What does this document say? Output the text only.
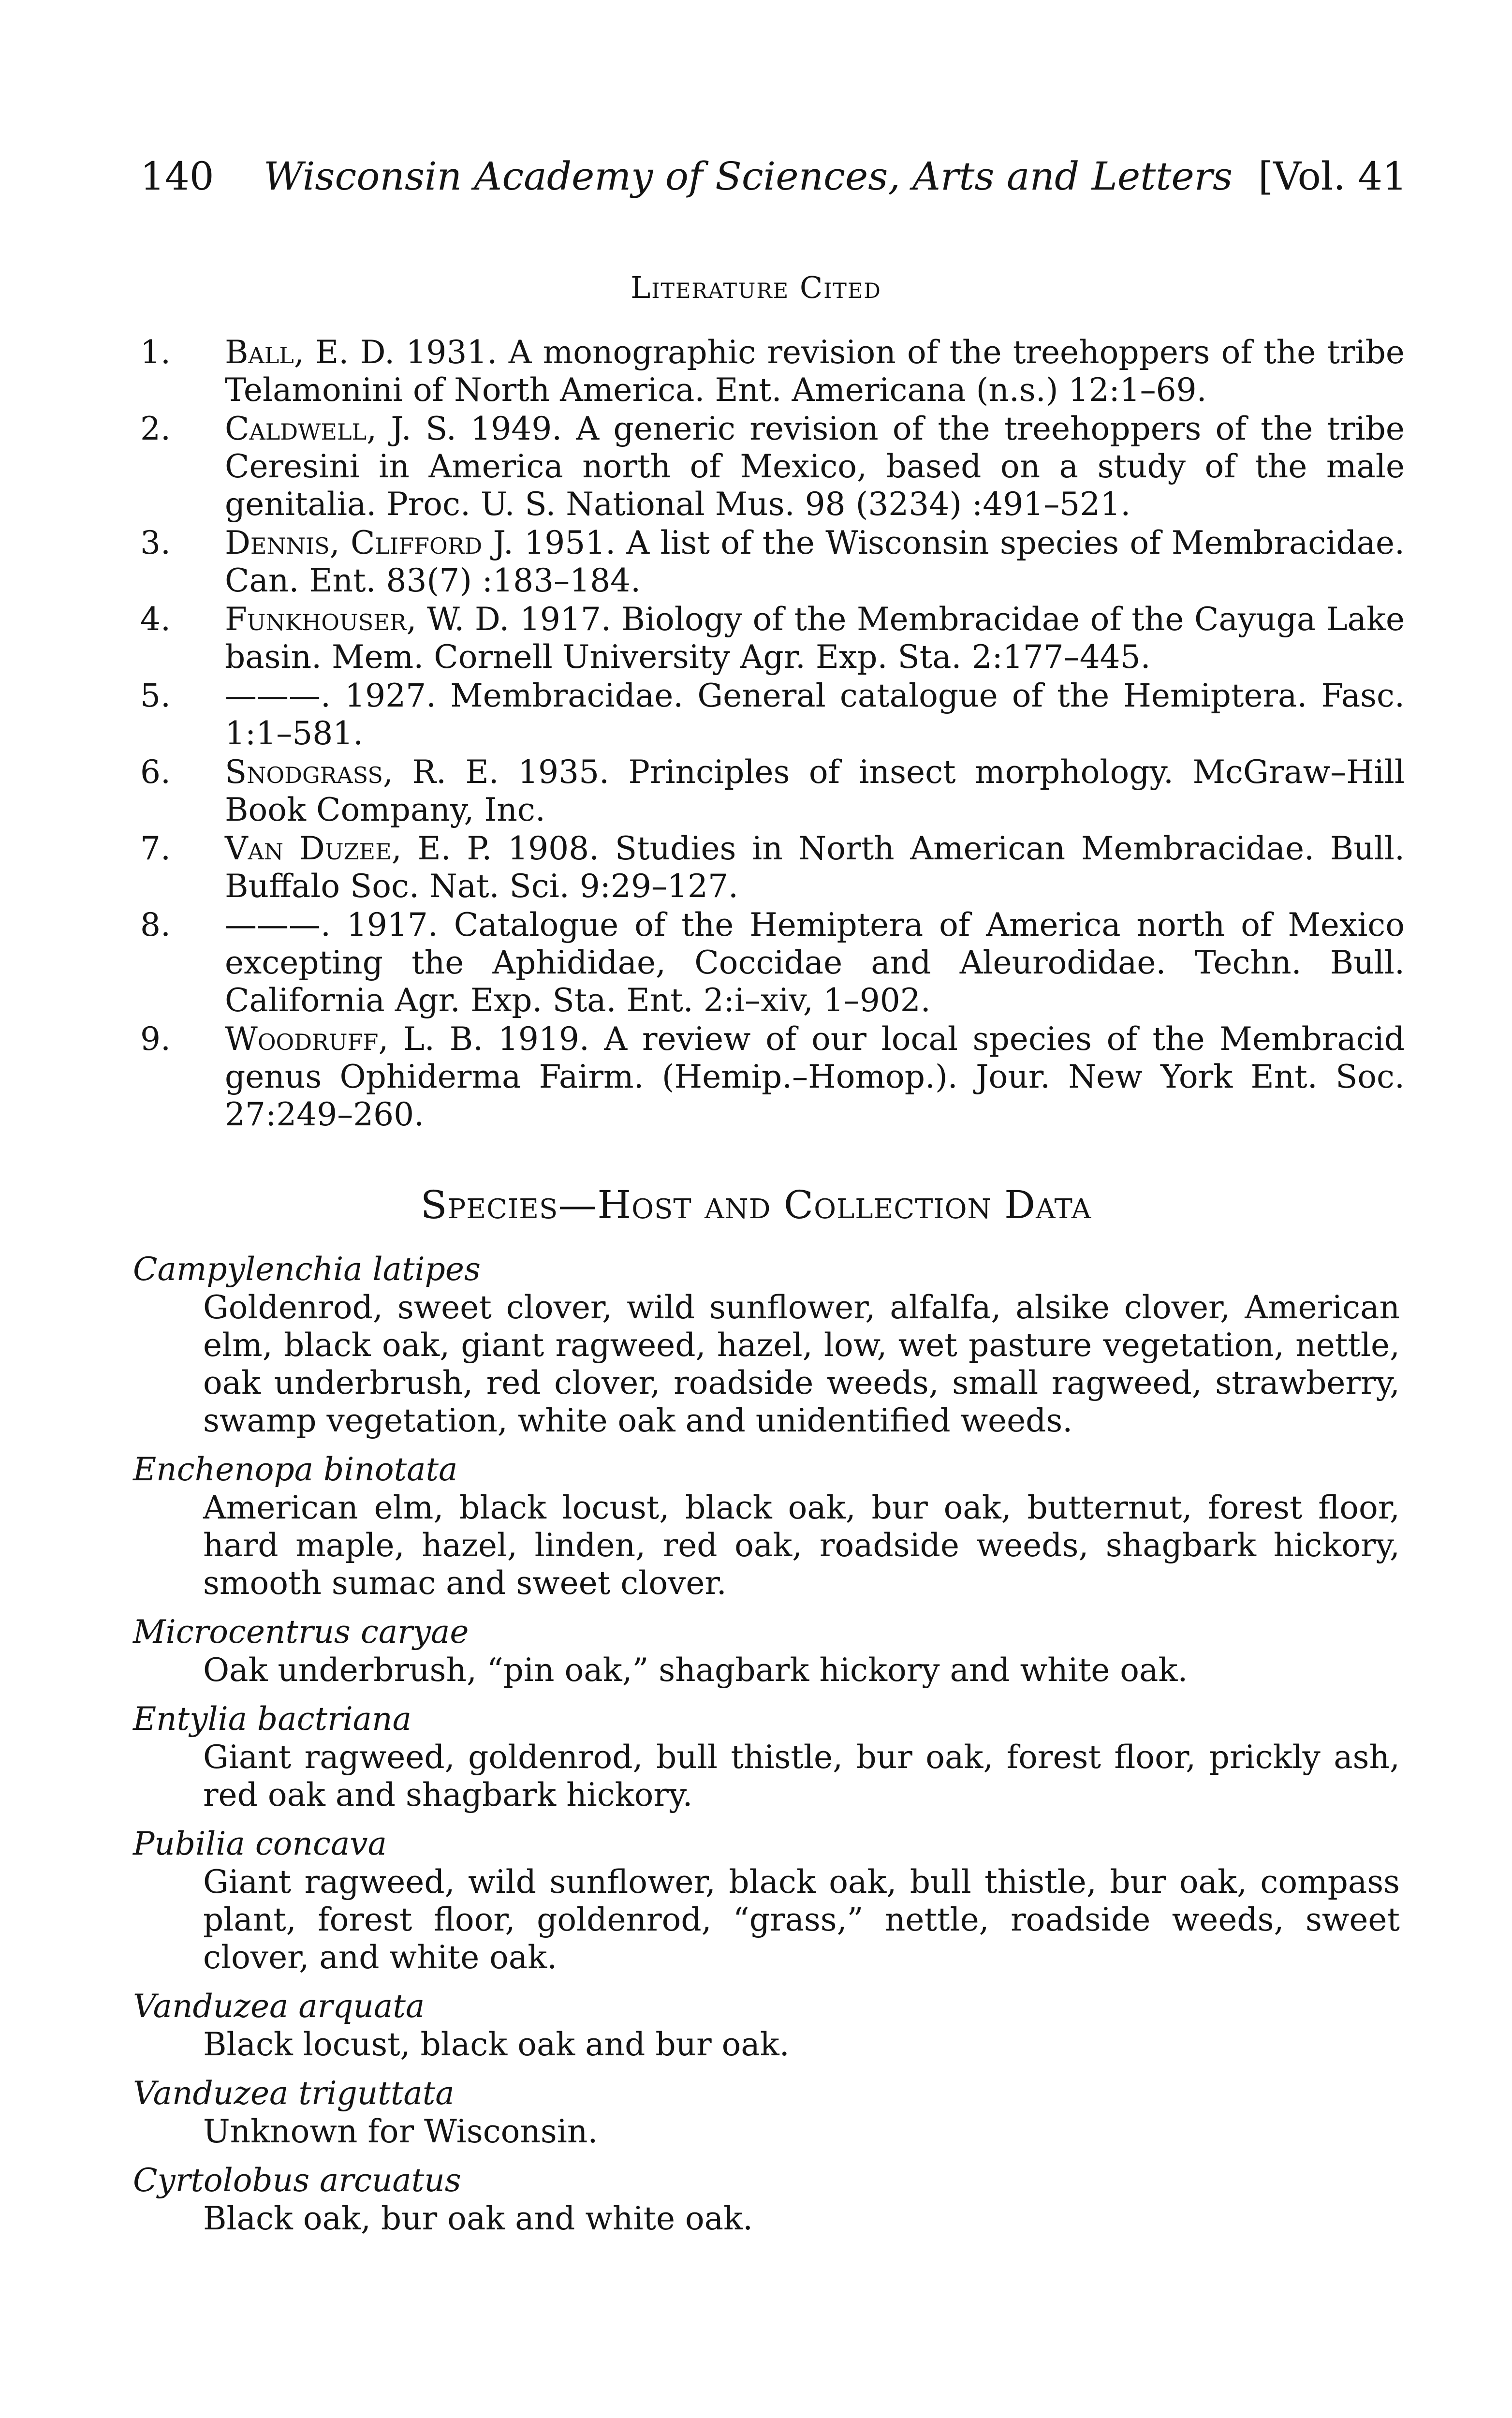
140 Wisconsin Academy of Sciences, Arts and Letters [Vol. 41
Literature Cited
1. Ball, E. D. 1931. A monographic revision of the treehoppers of the tribe Telamonini of North America. Ent. Americana (n.s.) 12:1–69.
2. Caldwell, J. S. 1949. A generic revision of the treehoppers of the tribe Ceresini in America north of Mexico, based on a study of the male genitalia. Proc. U. S. National Mus. 98 (3234) :491–521.
3. Dennis, Clifford J. 1951. A list of the Wisconsin species of Membracidae. Can. Ent. 83(7) :183–184.
4. Funkhouser, W. D. 1917. Biology of the Membracidae of the Cayuga Lake basin. Mem. Cornell University Agr. Exp. Sta. 2:177–445.
5. ———. 1927. Membracidae. General catalogue of the Hemiptera. Fasc. 1:1–581.
6. Snodgrass, R. E. 1935. Principles of insect morphology. McGraw–Hill Book Company, Inc.
7. Van Duzee, E. P. 1908. Studies in North American Membracidae. Bull. Buffalo Soc. Nat. Sci. 9:29–127.
8. ———. 1917. Catalogue of the Hemiptera of America north of Mexico excepting the Aphididae, Coccidae and Aleurodidae. Techn. Bull. California Agr. Exp. Sta. Ent. 2:i–xiv, 1–902.
9. Woodruff, L. B. 1919. A review of our local species of the Membracid genus Ophiderma Fairm. (Hemip.–Homop.). Jour. New York Ent. Soc. 27:249–260.
Species—Host and Collection Data
Campylenchia latipes
Goldenrod, sweet clover, wild sunflower, alfalfa, alsike clover, American elm, black oak, giant ragweed, hazel, low, wet pasture vegetation, nettle, oak underbrush, red clover, roadside weeds, small ragweed, strawberry, swamp vegetation, white oak and unidentified weeds.
Enchenopa binotata
American elm, black locust, black oak, bur oak, butternut, forest floor, hard maple, hazel, linden, red oak, roadside weeds, shagbark hickory, smooth sumac and sweet clover.
Microcentrus caryae
Oak underbrush, “pin oak,” shagbark hickory and white oak.
Entylia bactriana
Giant ragweed, goldenrod, bull thistle, bur oak, forest floor, prickly ash, red oak and shagbark hickory.
Pubilia concava
Giant ragweed, wild sunflower, black oak, bull thistle, bur oak, compass plant, forest floor, goldenrod, “grass,” nettle, roadside weeds, sweet clover, and white oak.
Vanduzea arquata
Black locust, black oak and bur oak.
Vanduzea triguttata
Unknown for Wisconsin.
Cyrtolobus arcuatus
Black oak, bur oak and white oak.
